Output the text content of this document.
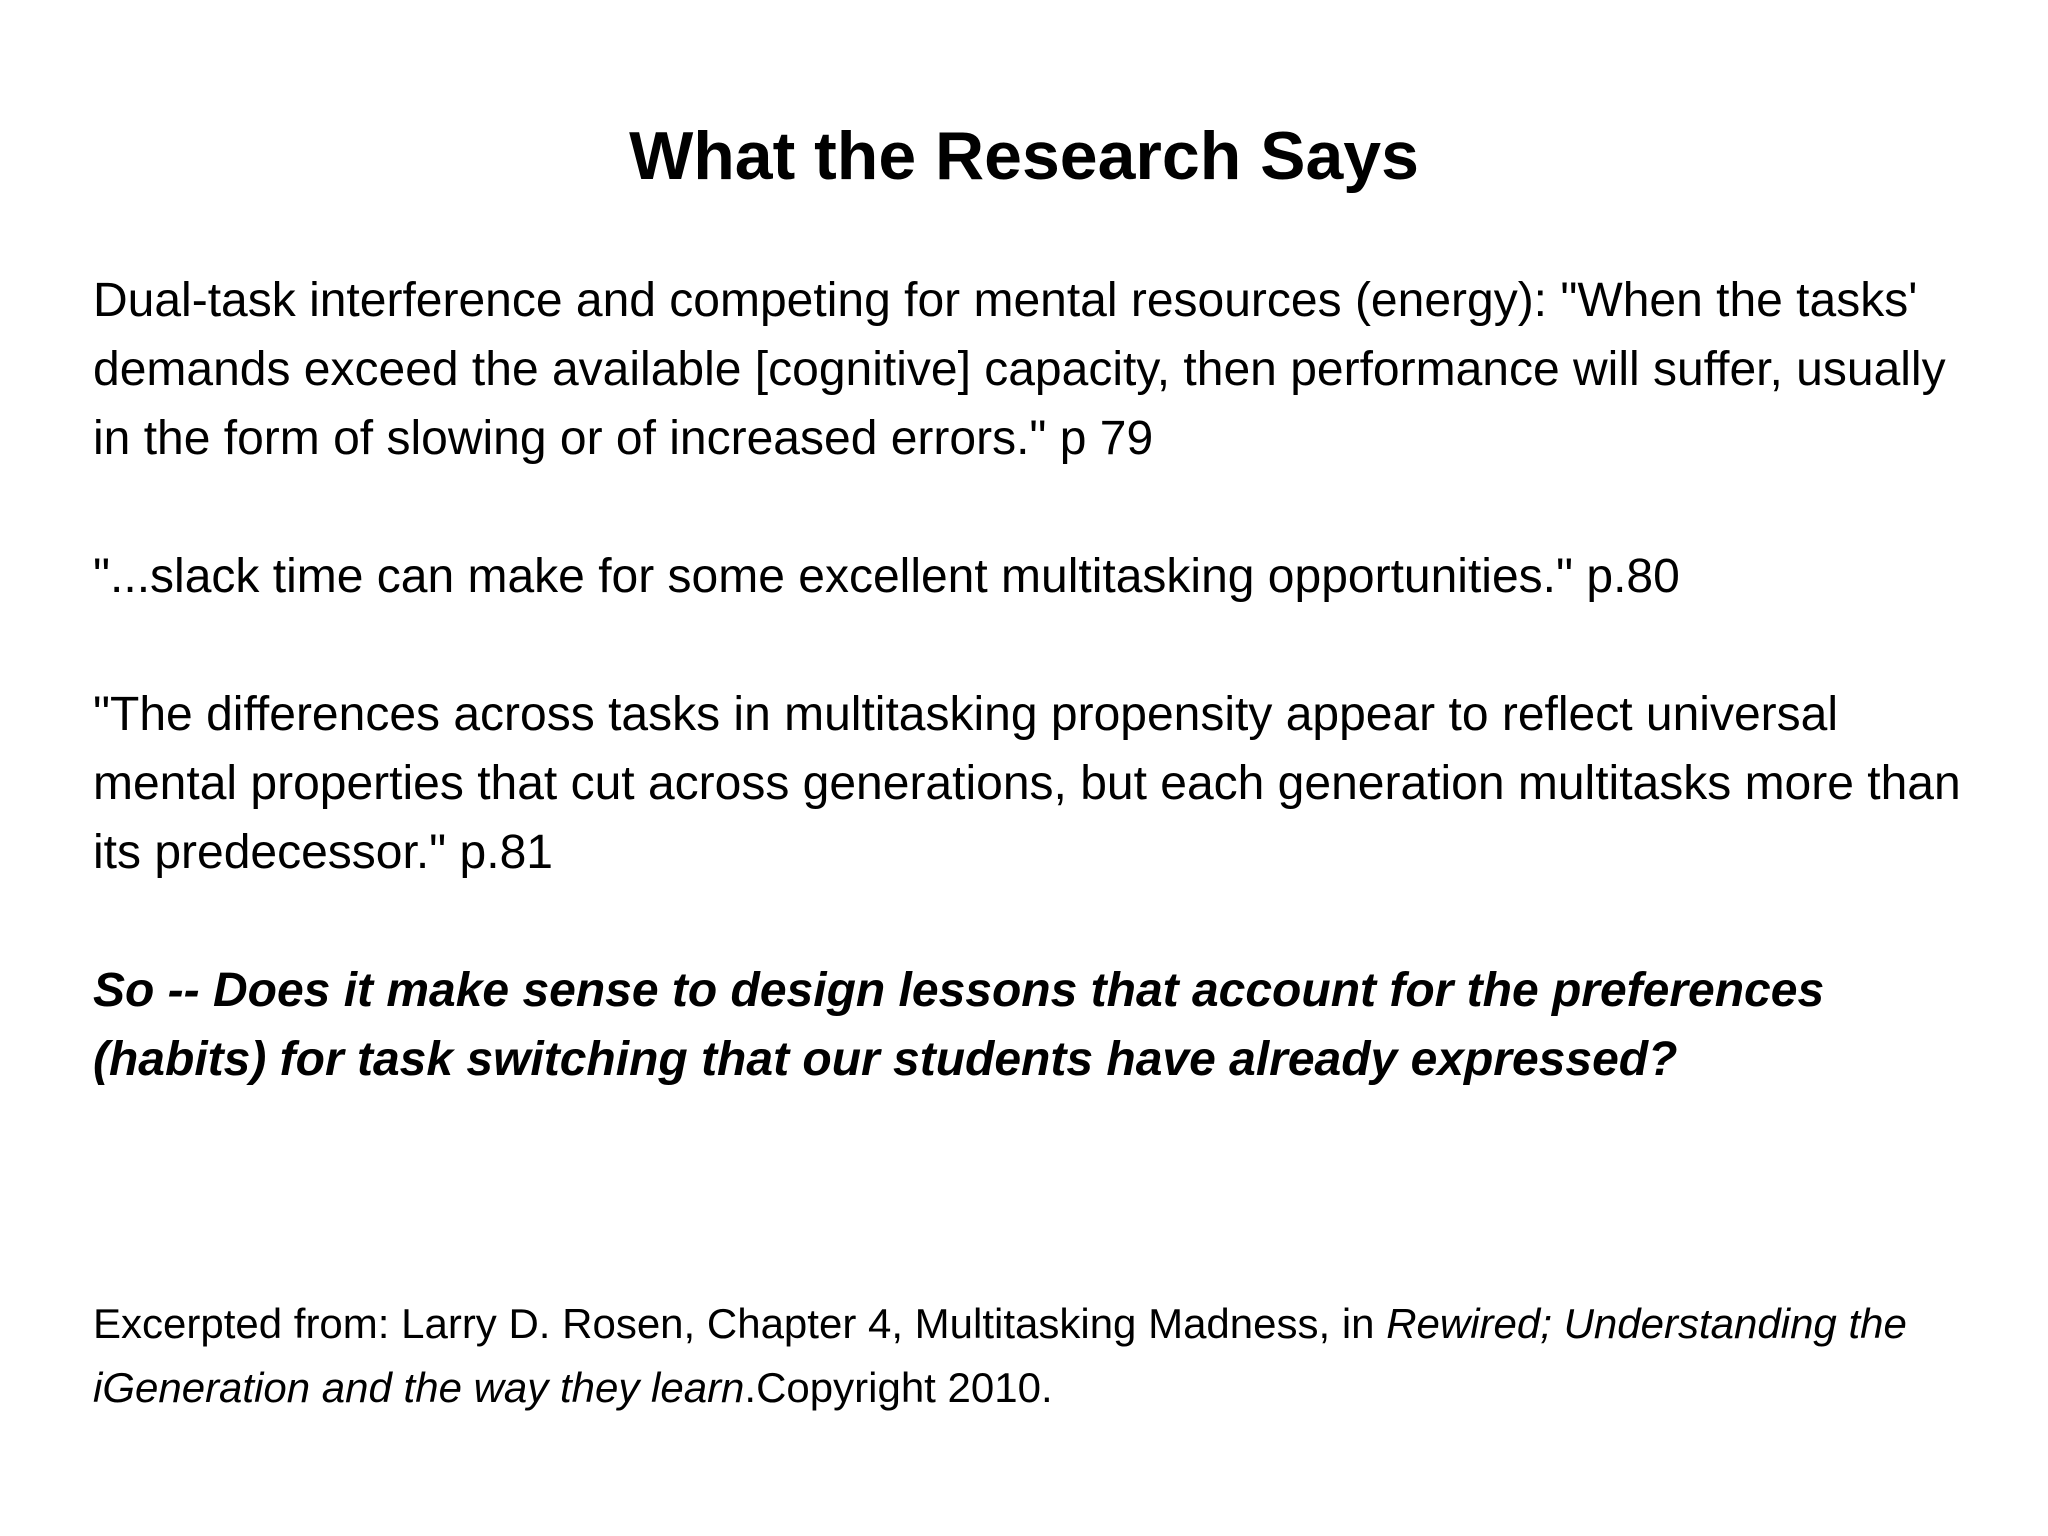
What the Research Says

Dual-task interference and competing for mental resources (energy): "When the tasks' demands exceed the available [cognitive] capacity, then performance will suffer, usually in the form of slowing or of increased errors." p 79

"...slack time can make for some excellent multitasking opportunities." p.80

"The differences across tasks in multitasking propensity appear to reflect universal mental properties that cut across generations, but each generation multitasks more than its predecessor." p.81

So -- Does it make sense to design lessons that account for the preferences (habits) for task switching that our students have already expressed?

Excerpted from: Larry D. Rosen, Chapter 4, Multitasking Madness, in Rewired; Understanding the iGeneration and the way they learn.Copyright 2010.
